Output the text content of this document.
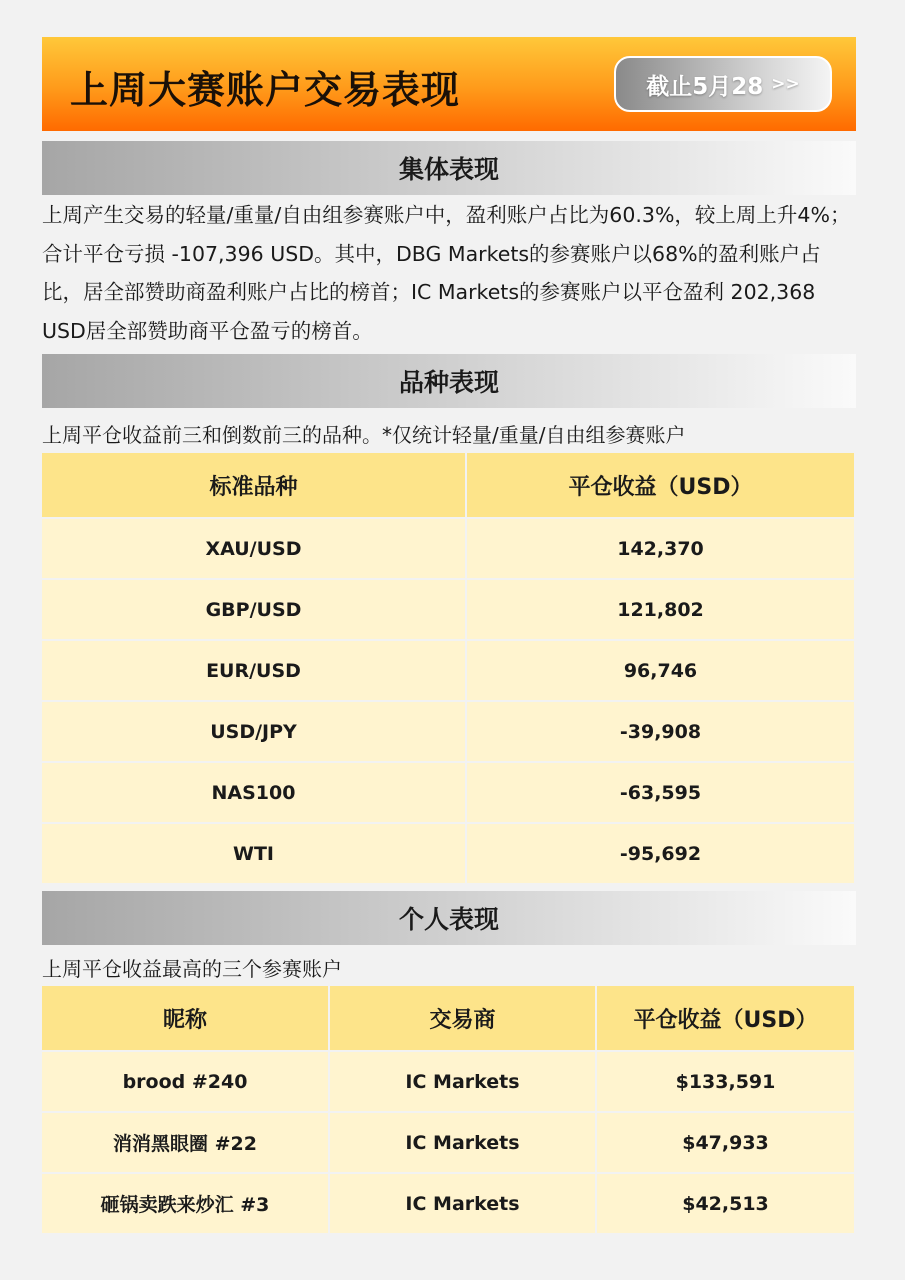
上周大赛账户交易表现	截止5月28 >>
集体表现
上周产生交易的轻量/重量/自由组参赛账户中，盈利账户占比为60.3%，较上周上升4%；合计平仓亏损 -107,396 USD。其中，DBG Markets的参赛账户以68%的盈利账户占比，居全部赞助商盈利账户占比的榜首；IC Markets的参赛账户以平仓盈利 202,368 USD居全部赞助商平仓盈亏的榜首。
品种表现
上周平仓收益前三和倒数前三的品种。*仅统计轻量/重量/自由组参赛账户
标准品种	平仓收益（USD）
XAU/USD	142,370
GBP/USD	121,802
EUR/USD	96,746
USD/JPY	-39,908
NAS100	-63,595
WTI	-95,692
个人表现
上周平仓收益最高的三个参赛账户
昵称	交易商	平仓收益（USD）
brood #240	IC Markets	$133,591
消消黑眼圈 #22	IC Markets	$47,933
砸锅卖跌来炒汇 #3	IC Markets	$42,513
